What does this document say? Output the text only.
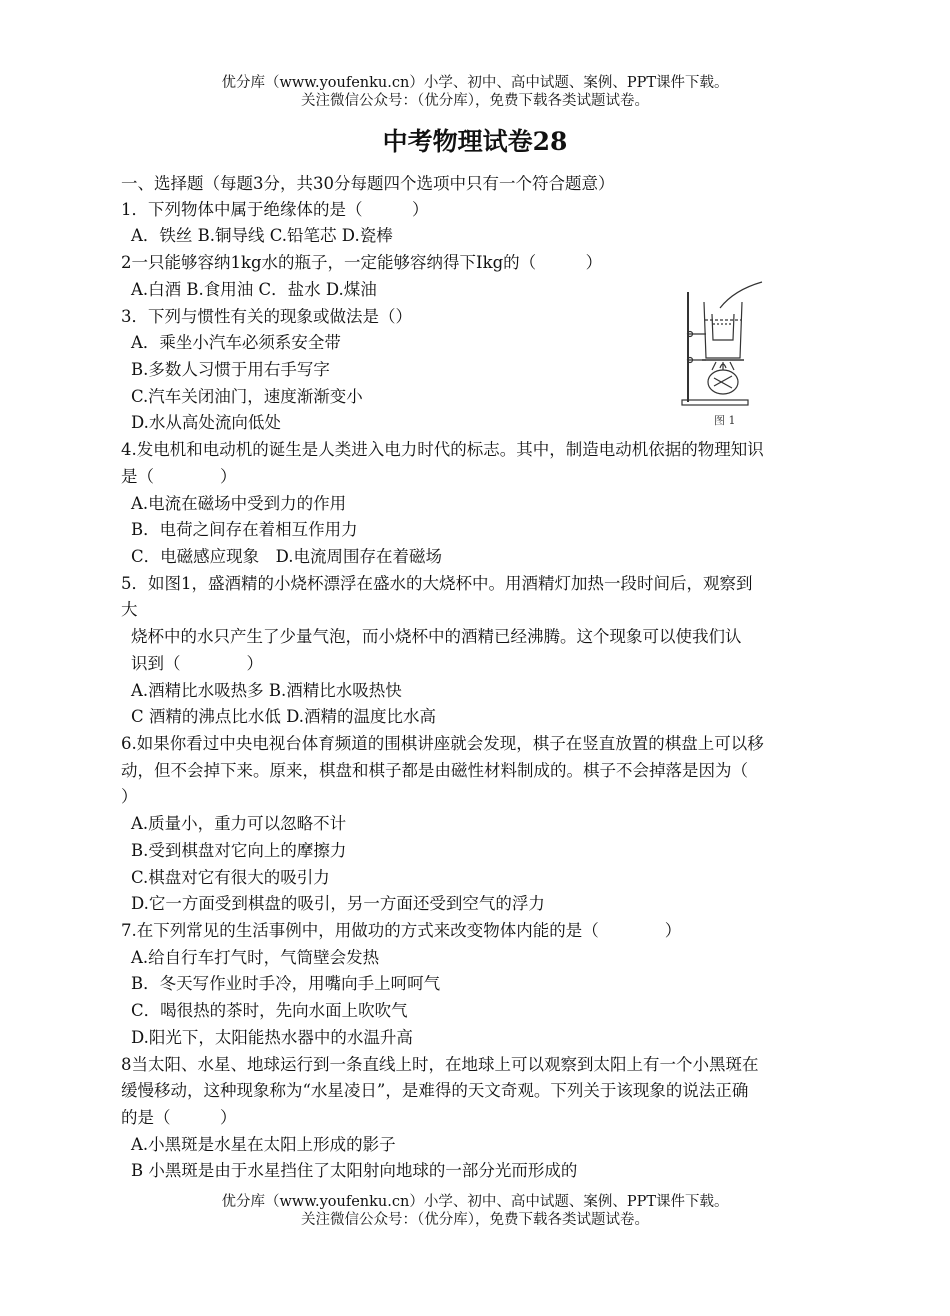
优分库（www.youfenku.cn）小学、初中、高中试题、案例、PPT课件下载。
关注微信公众号：（优分库），免费下载各类试题试卷。
中考物理试卷28
一、选择题（每题3分，共30分每题四个选项中只有一个符合题意）
1．下列物体中属于绝缘体的是（　　　）
A．铁丝 B.铜导线 C.铅笔芯 D.瓷棒
2一只能够容纳1kg水的瓶子，一定能够容纳得下Ikg的（　　　）
A.白酒 B.食用油 C．盐水 D.煤油
3．下列与惯性有关的现象或做法是（）
A．乘坐小汽车必须系安全带
B.多数人习惯于用右手写字
C.汽车关闭油门，速度渐渐变小
D.水从高处流向低处
4.发电机和电动机的诞生是人类进入电力时代的标志。其中，制造电动机依据的物理知识
是（　　　　）
A.电流在磁场中受到力的作用
B．电荷之间存在着相互作用力
C．电磁感应现象　D.电流周围存在着磁场
5．如图1，盛酒精的小烧杯漂浮在盛水的大烧杯中。用酒精灯加热一段时间后，观察到
大
烧杯中的水只产生了少量气泡，而小烧杯中的酒精已经沸腾。这个现象可以使我们认
识到（　　　　）
A.酒精比水吸热多 B.酒精比水吸热快
C 酒精的沸点比水低 D.酒精的温度比水高
6.如果你看过中央电视台体育频道的围棋讲座就会发现，棋子在竖直放置的棋盘上可以移
动，但不会掉下来。原来，棋盘和棋子都是由磁性材料制成的。棋子不会掉落是因为（
）
A.质量小，重力可以忽略不计
B.受到棋盘对它向上的摩擦力
C.棋盘对它有很大的吸引力
D.它一方面受到棋盘的吸引，另一方面还受到空气的浮力
7.在下列常见的生活事例中，用做功的方式来改变物体内能的是（　　　　）
A.给自行车打气时，气筒壁会发热
B．冬天写作业时手冷，用嘴向手上呵呵气
C．喝很热的茶时，先向水面上吹吹气
D.阳光下，太阳能热水器中的水温升高
8当太阳、水星、地球运行到一条直线上时，在地球上可以观察到太阳上有一个小黑斑在
缓慢移动，这种现象称为“水星凌日”，是难得的天文奇观。下列关于该现象的说法正确
的是（　　　）
A.小黑斑是水星在太阳上形成的影子
B 小黑斑是由于水星挡住了太阳射向地球的一部分光而形成的
图 1
优分库（www.youfenku.cn）小学、初中、高中试题、案例、PPT课件下载。
关注微信公众号：（优分库），免费下载各类试题试卷。
